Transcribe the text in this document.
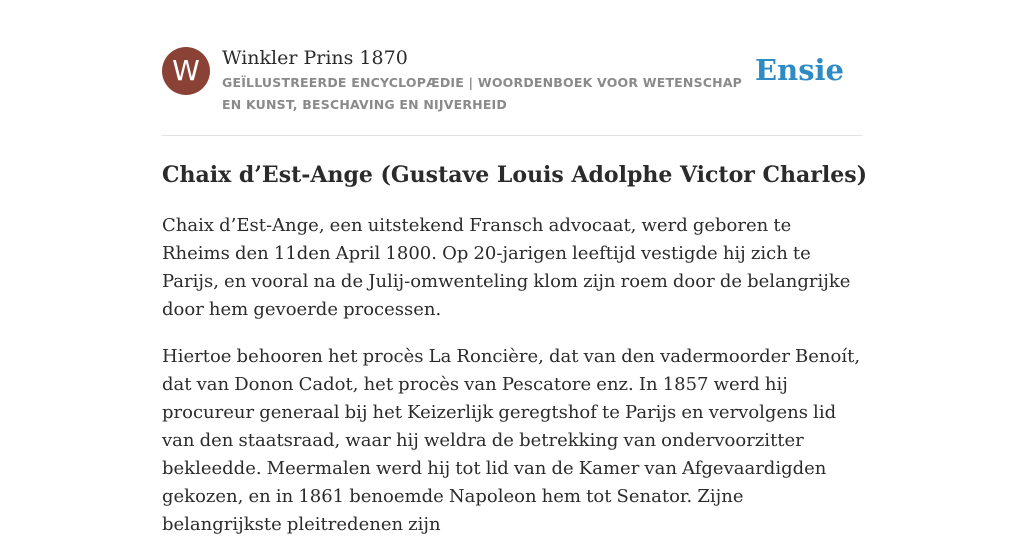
W	Winkler Prins 1870
GEÏLLUSTREERDE ENCYCLOPÆDIE | WOORDENBOEK VOOR WETENSCHAP EN KUNST, BESCHAVING EN NIJVERHEID
Ensie
Chaix d’Est-Ange (Gustave Louis Adolphe Victor Charles)

Chaix d’Est-Ange, een uitstekend Fransch advocaat, werd geboren te Rheims den 11den April 1800. Op 20-jarigen leeftijd vestigde hij zich te Parijs, en vooral na de Julij-omwenteling klom zijn roem door de belangrijke door hem gevoerde processen.

Hiertoe behooren het procès La Roncière, dat van den vadermoorder Benoít, dat van Donon Cadot, het procès van Pescatore enz. In 1857 werd hij procureur generaal bij het Keizerlijk geregtshof te Parijs en vervolgens lid van den staatsraad, waar hij weldra de betrekking van ondervoorzitter bekleedde. Meermalen werd hij tot lid van de Kamer van Afgevaardigden gekozen, en in 1861 benoemde Napoleon hem tot Senator. Zijne belangrijkste pleitredenen zijn
